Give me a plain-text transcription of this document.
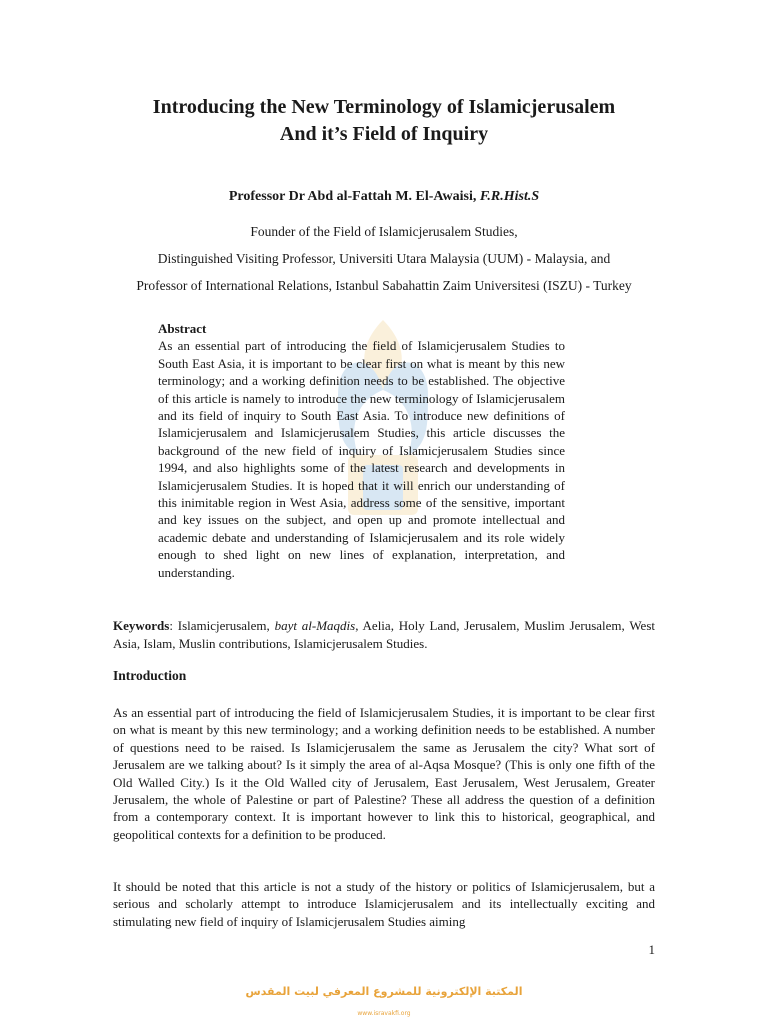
Introducing the New Terminology of Islamicjerusalem
And it’s Field of Inquiry
Professor Dr Abd al-Fattah M. El-Awaisi, F.R.Hist.S
Founder of the Field of Islamicjerusalem Studies,
Distinguished Visiting Professor, Universiti Utara Malaysia (UUM) - Malaysia, and
Professor of International Relations, Istanbul Sabahattin Zaim Universitesi (ISZU) - Turkey
Abstract

As an essential part of introducing the field of Islamicjerusalem Studies to South East Asia, it is important to be clear first on what is meant by this new terminology; and a working definition needs to be established. The objective of this article is namely to introduce the new terminology of Islamicjerusalem and its field of inquiry to South East Asia. To introduce new definitions of Islamicjerusalem and Islamicjerusalem Studies, this article discusses the background of the new field of inquiry of Islamicjerusalem Studies since 1994, and also highlights some of the latest research and developments in Islamicjerusalem Studies. It is hoped that it will enrich our understanding of this inimitable region in West Asia, address some of the sensitive, important and key issues on the subject, and open up and promote intellectual and academic debate and understanding of Islamicjerusalem and its role widely enough to shed light on new lines of explanation, interpretation, and understanding.

Keywords: Islamicjerusalem, bayt al-Maqdis, Aelia, Holy Land, Jerusalem, Muslim Jerusalem, West Asia, Islam, Muslin contributions, Islamicjerusalem Studies.
Introduction

As an essential part of introducing the field of Islamicjerusalem Studies, it is important to be clear first on what is meant by this new terminology; and a working definition needs to be established. A number of questions need to be raised. Is Islamicjerusalem the same as Jerusalem the city? What sort of Jerusalem are we talking about? Is it simply the area of al-Aqsa Mosque? (This is only one fifth of the Old Walled City.) Is it the Old Walled city of Jerusalem, East Jerusalem, West Jerusalem, Greater Jerusalem, the whole of Palestine or part of Palestine? These all address the question of a definition from a contemporary context. It is important however to link this to historical, geographical, and geopolitical contexts for a definition to be produced.

It should be noted that this article is not a study of the history or politics of Islamicjerusalem, but a serious and scholarly attempt to introduce Islamicjerusalem and its intellectually exciting and stimulating new field of inquiry of Islamicjerusalem Studies aiming

1
المكتبة الإلكترونية للمشروع المعرفي لبيت المقدس
www.isravakfi.org
